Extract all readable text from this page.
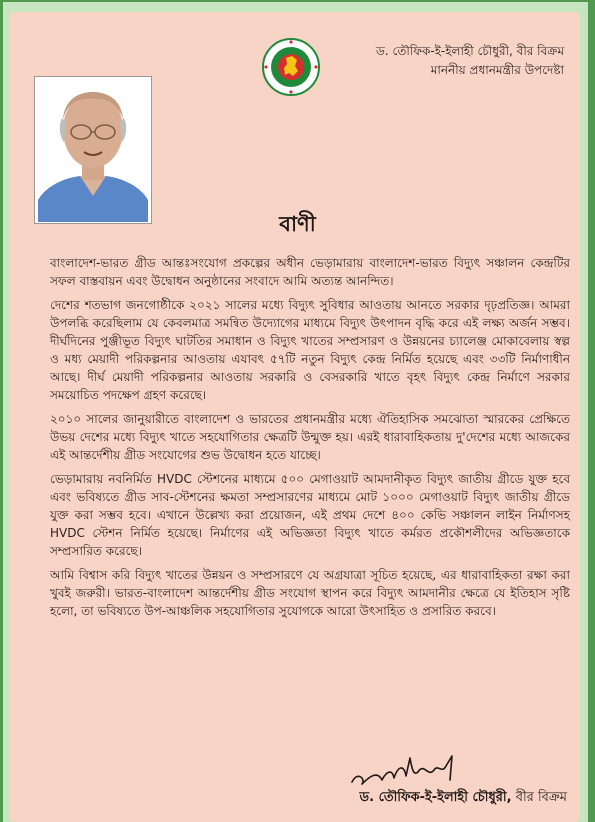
ড. তৌফিক-ই-ইলাহী চৌধুরী, বীর বিক্রম
মাননীয় প্রধানমন্ত্রীর উপদেষ্টা
বাণী

বাংলাদেশ-ভারত গ্রীড আন্তঃসংযোগ প্রকল্পের অধীন ভেড়ামারায় বাংলাদেশ-ভারত বিদ্যুৎ সঞ্চালন কেন্দ্রটির সফল বাস্তবায়ন এবং উদ্বোধন অনুষ্ঠানের সংবাদে আমি অত্যন্ত আনন্দিত।

দেশের শতভাগ জনগোষ্ঠীকে ২০২১ সালের মধ্যে বিদ্যুৎ সুবিধার আওতায় আনতে সরকার দৃঢ়প্রতিজ্ঞ। আমরা উপলব্ধি করেছিলাম যে কেবলমাত্র সমন্বিত উদ্যোগের মাধ্যমে বিদ্যুৎ উৎপাদন বৃদ্ধি করে এই লক্ষ্য অর্জন সম্ভব। দীর্ঘদিনের পুঞ্জীভূত বিদ্যুৎ ঘাটতির সমাধান ও বিদ্যুৎ খাতের সম্প্রসারণ ও উন্নয়নের চ্যালেঞ্জ মোকাবেলায় স্বল্প ও মধ্য মেয়াদী পরিকল্পনার আওতায় এযাবৎ ৫৭টি নতুন বিদ্যুৎ কেন্দ্র নির্মিত হয়েছে এবং ৩৩টি নির্মাণাধীন আছে। দীর্ঘ মেয়াদী পরিকল্পনার আওতায় সরকারি ও বেসরকারি খাতে বৃহৎ বিদ্যুৎ কেন্দ্র নির্মাণে সরকার সময়োচিত পদক্ষেপ গ্রহণ করেছে।

২০১০ সালের জানুয়ারীতে বাংলাদেশ ও ভারতের প্রধানমন্ত্রীর মধ্যে ঐতিহাসিক সমঝোতা স্মারকের প্রেক্ষিতে উভয় দেশের মধ্যে বিদ্যুৎ খাতে সহযোগিতার ক্ষেত্রটি উন্মুক্ত হয়। এরই ধারাবাহিকতায় দু'দেশের মধ্যে আজকের এই আন্তর্দেশীয় গ্রীড সংযোগের শুভ উদ্বোধন হতে যাচ্ছে।

ভেড়ামারায় নবনির্মিত HVDC স্টেশনের মাধ্যমে ৫০০ মেগাওয়াট আমদানীকৃত বিদ্যুৎ জাতীয় গ্রীডে যুক্ত হবে এবং ভবিষ্যতে গ্রীড সাব-স্টেশনের ক্ষমতা সম্প্রসারণের মাধ্যমে মোট ১০০০ মেগাওয়াট বিদ্যুৎ জাতীয় গ্রীডে যুক্ত করা সম্ভব হবে। এখানে উল্লেখ্য করা প্রয়োজন, এই প্রথম দেশে ৪০০ কেভি সঞ্চালন লাইন নির্মাণসহ HVDC স্টেশন নির্মিত হয়েছে। নির্মাণের এই অভিজ্ঞতা বিদ্যুৎ খাতে কর্মরত প্রকৌশলীদের অভিজ্ঞতাকে সম্প্রসারিত করেছে।

আমি বিশ্বাস করি বিদ্যুৎ খাতের উন্নয়ন ও সম্প্রসারণে যে অগ্রযাত্রা সূচিত হয়েছে, এর ধারাবাহিকতা রক্ষা করা খুবই জরুরী। ভারত-বাংলাদেশ আন্তর্দেশীয় গ্রীড সংযোগ স্থাপন করে বিদ্যুৎ আমদানীর ক্ষেত্রে যে ইতিহাস সৃষ্টি হলো, তা ভবিষ্যতে উপ-আঞ্চলিক সহযোগিতার সুযোগকে আরো উৎসাহিত ও প্রসারিত করবে।

ড. তৌফিক-ই-ইলাহী চৌধুরী, বীর বিক্রম
